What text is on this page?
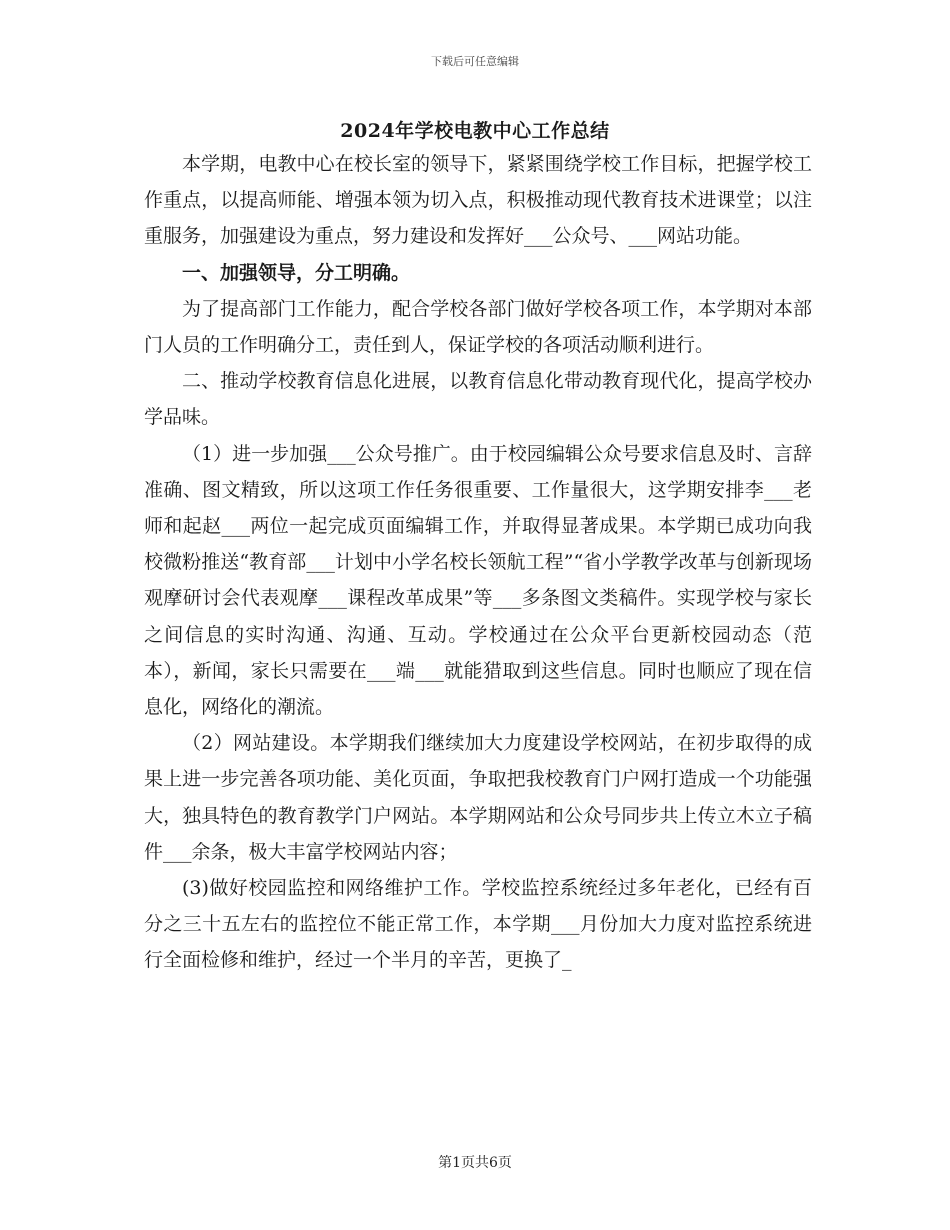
下载后可任意编辑
2024年学校电教中心工作总结

本学期，电教中心在校长室的领导下，紧紧围绕学校工作目标，把握学校工作重点，以提高师能、增强本领为切入点，积极推动现代教育技术进课堂；以注重服务，加强建设为重点，努力建设和发挥好___公众号、___网站功能。

一、加强领导，分工明确。

为了提高部门工作能力，配合学校各部门做好学校各项工作，本学期对本部门人员的工作明确分工，责任到人，保证学校的各项活动顺利进行。

二、推动学校教育信息化进展，以教育信息化带动教育现代化，提高学校办学品味。

（1）进一步加强___公众号推广。由于校园编辑公众号要求信息及时、言辞准确、图文精致，所以这项工作任务很重要、工作量很大，这学期安排李___老师和起赵___两位一起完成页面编辑工作，并取得显著成果。本学期已成功向我校微粉推送“教育部___计划中小学名校长领航工程”“省小学教学改革与创新现场观摩研讨会代表观摩___课程改革成果”等___多条图文类稿件。实现学校与家长之间信息的实时沟通、沟通、互动。学校通过在公众平台更新校园动态（范本），新闻，家长只需要在___端___就能猎取到这些信息。同时也顺应了现在信息化，网络化的潮流。

（2）网站建设。本学期我们继续加大力度建设学校网站，在初步取得的成果上进一步完善各项功能、美化页面，争取把我校教育门户网打造成一个功能强大，独具特色的教育教学门户网站。本学期网站和公众号同步共上传立木立子稿件___余条，极大丰富学校网站内容；

(3)做好校园监控和网络维护工作。学校监控系统经过多年老化，已经有百分之三十五左右的监控位不能正常工作，本学期___月份加大力度对监控系统进行全面检修和维护，经过一个半月的辛苦，更换了_

第1页共6页
